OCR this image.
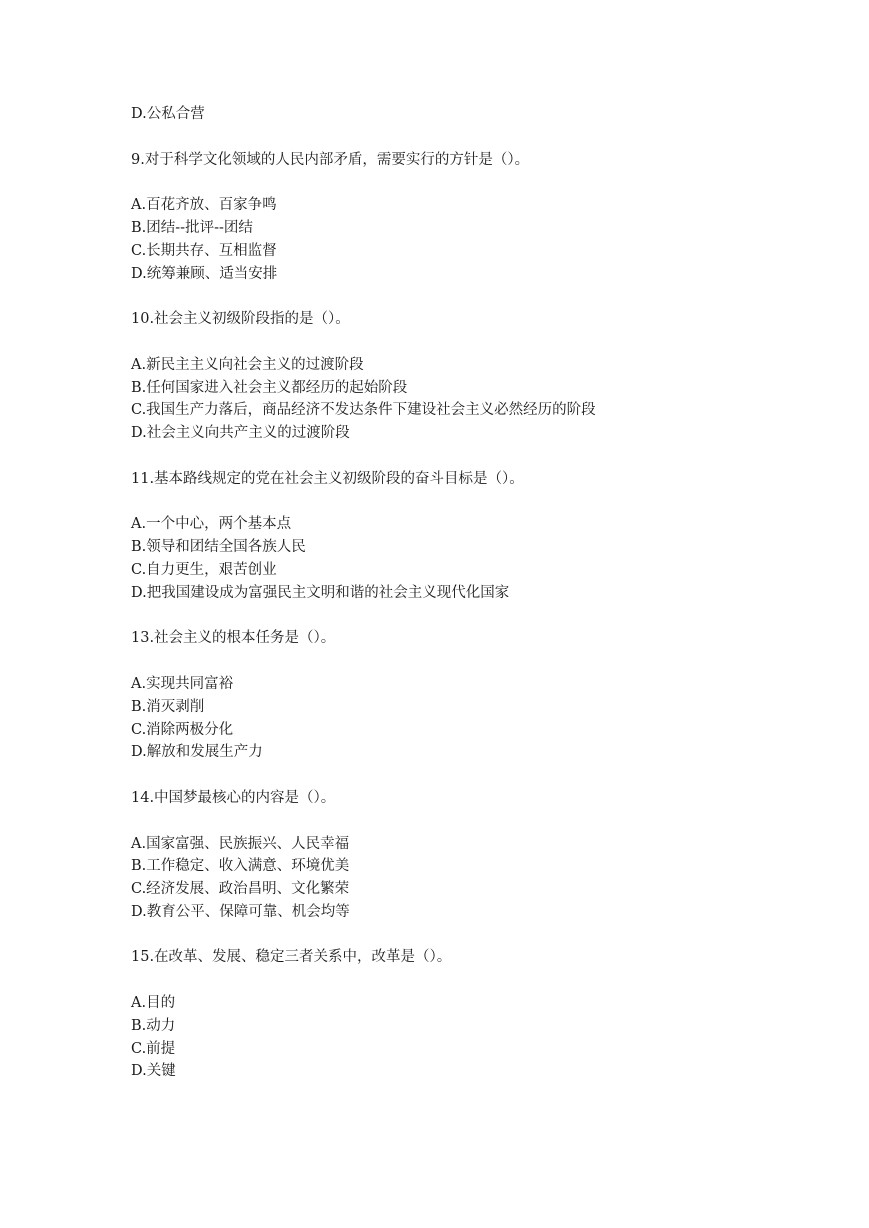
D.公私合营
9.对于科学文化领域的人民内部矛盾，需要实行的方针是（）。
A.百花齐放、百家争鸣
B.团结--批评--团结
C.长期共存、互相监督
D.统筹兼顾、适当安排
10.社会主义初级阶段指的是（）。
A.新民主主义向社会主义的过渡阶段
B.任何国家进入社会主义都经历的起始阶段
C.我国生产力落后，商品经济不发达条件下建设社会主义必然经历的阶段
D.社会主义向共产主义的过渡阶段
11.基本路线规定的党在社会主义初级阶段的奋斗目标是（）。
A.一个中心，两个基本点
B.领导和团结全国各族人民
C.自力更生，艰苦创业
D.把我国建设成为富强民主文明和谐的社会主义现代化国家
13.社会主义的根本任务是（）。
A.实现共同富裕
B.消灭剥削
C.消除两极分化
D.解放和发展生产力
14.中国梦最核心的内容是（）。
A.国家富强、民族振兴、人民幸福
B.工作稳定、收入满意、环境优美
C.经济发展、政治昌明、文化繁荣
D.教育公平、保障可靠、机会均等
15.在改革、发展、稳定三者关系中，改革是（）。
A.目的
B.动力
C.前提
D.关键
